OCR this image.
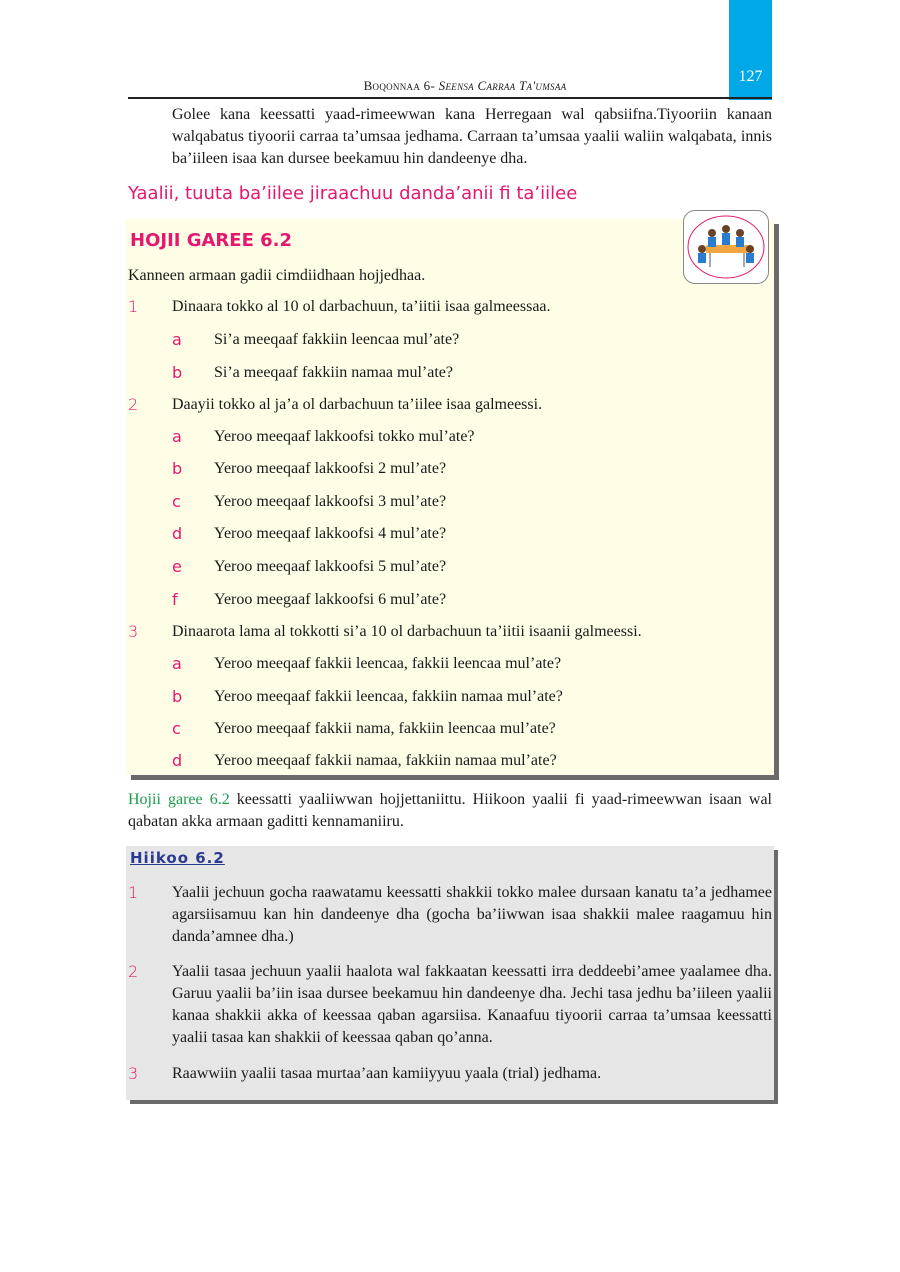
127
Boqonnaa 6- Seensa Carraa Ta'umsaa
Golee kana keessatti yaad-rimeewwan kana Herregaan wal qabsiifna.Tiyooriin kanaan walqabatus tiyoorii carraa ta’umsaa jedhama. Carraan ta’umsaa yaalii waliin walqabata, innis ba’iileen isaa kan dursee beekamuu hin dandeenye dha.
Yaalii, tuuta ba’iilee jiraachuu danda’anii fi ta’iilee
HOJII GAREE 6.2
Kanneen armaan gadii cimdiidhaan hojjedhaa.
1 Dinaara tokko al 10 ol darbachuun, ta’iitii isaa galmeessaa.
a Si’a meeqaaf fakkiin leencaa mul’ate?
b Si’a meeqaaf fakkiin namaa mul’ate?
2 Daayii tokko al ja’a ol darbachuun ta’iilee isaa galmeessi.
a Yeroo meeqaaf lakkoofsi tokko mul’ate?
b Yeroo meeqaaf lakkoofsi 2 mul’ate?
c Yeroo meeqaaf lakkoofsi 3 mul’ate?
d Yeroo meeqaaf lakkoofsi 4 mul’ate?
e Yeroo meeqaaf lakkoofsi 5 mul’ate?
f Yeroo meegaaf lakkoofsi 6 mul’ate?
3 Dinaarota lama al tokkotti si’a 10 ol darbachuun ta’iitii isaanii galmeessi.
a Yeroo meeqaaf fakkii leencaa, fakkii leencaa mul’ate?
b Yeroo meeqaaf fakkii leencaa, fakkiin namaa mul’ate?
c Yeroo meeqaaf fakkii nama, fakkiin leencaa mul’ate?
d Yeroo meeqaaf fakkii namaa, fakkiin namaa mul’ate?
Hojii garee 6.2 keessatti yaaliiwwan hojjettaniittu. Hiikoon yaalii fi yaad-rimeewwan isaan wal qabatan akka armaan gaditti kennamaniiru.
Hiikoo 6.2
1 Yaalii jechuun gocha raawatamu keessatti shakkii tokko malee dursaan kanatu ta’a jedhamee agarsiisamuu kan hin dandeenye dha (gocha ba’iiwwan isaa shakkii malee raagamuu hin danda’amnee dha.)
2 Yaalii tasaa jechuun yaalii haalota wal fakkaatan keessatti irra deddeebi’amee yaalamee dha. Garuu yaalii ba’iin isaa dursee beekamuu hin dandeenye dha. Jechi tasa jedhu ba’iileen yaalii kanaa shakkii akka of keessaa qaban agarsiisa. Kanaafuu tiyoorii carraa ta’umsaa keessatti yaalii tasaa kan shakkii of keessaa qaban qo’anna.
3 Raawwiin yaalii tasaa murtaa’aan kamiiyyuu yaala (trial) jedhama.
